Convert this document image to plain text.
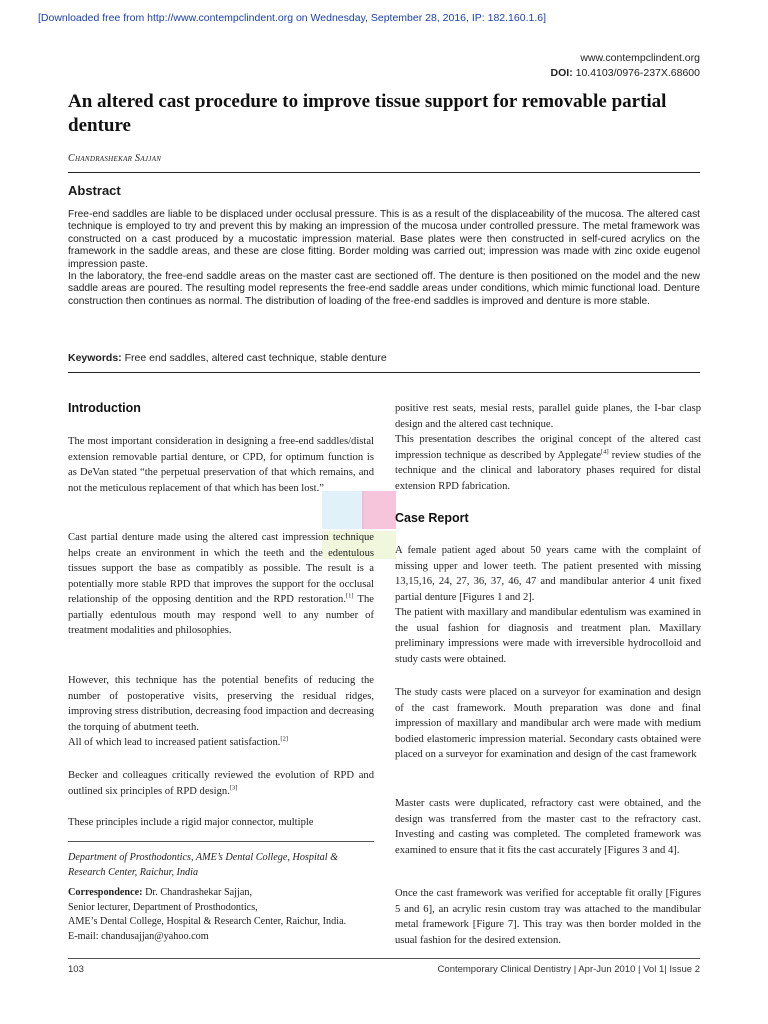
[Downloaded free from http://www.contempclindent.org on Wednesday, September 28, 2016, IP: 182.160.1.6]
www.contempclindent.org
DOI: 10.4103/0976-237X.68600
An altered cast procedure to improve tissue support for removable partial denture
Chandrashekar Sajjan
Abstract

Free-end saddles are liable to be displaced under occlusal pressure. This is as a result of the displaceability of the mucosa. The altered cast technique is employed to try and prevent this by making an impression of the mucosa under controlled pressure. The metal framework was constructed on a cast produced by a mucostatic impression material. Base plates were then constructed in self-cured acrylics on the framework in the saddle areas, and these are close fitting. Border molding was carried out; impression was made with zinc oxide eugenol impression paste.

In the laboratory, the free-end saddle areas on the master cast are sectioned off. The denture is then positioned on the model and the new saddle areas are poured. The resulting model represents the free-end saddle areas under conditions, which mimic functional load. Denture construction then continues as normal. The distribution of loading of the free-end saddles is improved and denture is more stable.

Keywords: Free end saddles, altered cast technique, stable denture
Introduction

The most important consideration in designing a free-end saddles/distal extension removable partial denture, or CPD, for optimum function is as DeVan stated “the perpetual preservation of that which remains, and not the meticulous replacement of that which has been lost.”

Cast partial denture made using the altered cast impression technique helps create an environment in which the teeth and the edentulous tissues support the base as compatibly as possible. The result is a potentially more stable RPD that improves the support for the occlusal relationship of the opposing dentition and the RPD restoration.[1] The partially edentulous mouth may respond well to any number of treatment modalities and philosophies.

However, this technique has the potential benefits of reducing the number of postoperative visits, preserving the residual ridges, improving stress distribution, decreasing food impaction and decreasing the torquing of abutment teeth.

All of which lead to increased patient satisfaction.[2]

Becker and colleagues critically reviewed the evolution of RPD and outlined six principles of RPD design.[3]

These principles include a rigid major connector, multiple

Department of Prosthodontics, AME’s Dental College, Hospital & Research Center, Raichur, India
Correspondence: Dr. Chandrashekar Sajjan,
Senior lecturer, Department of Prosthodontics,
AME’s Dental College, Hospital & Research Center, Raichur, India.
E-mail: chandusajjan@yahoo.com

positive rest seats, mesial rests, parallel guide planes, the I-bar clasp design and the altered cast technique.

This presentation describes the original concept of the altered cast impression technique as described by Applegate[4] review studies of the technique and the clinical and laboratory phases required for distal extension RPD fabrication.

Case Report

A female patient aged about 50 years came with the complaint of missing upper and lower teeth. The patient presented with missing 13,15,16, 24, 27, 36, 37, 46, 47 and mandibular anterior 4 unit fixed partial denture [Figures 1 and 2].

The patient with maxillary and mandibular edentulism was examined in the usual fashion for diagnosis and treatment plan. Maxillary preliminary impressions were made with irreversible hydrocolloid and study casts were obtained.

The study casts were placed on a surveyor for examination and design of the cast framework. Mouth preparation was done and final impression of maxillary and mandibular arch were made with medium bodied elastomeric impression material. Secondary casts obtained were placed on a surveyor for examination and design of the cast framework

Master casts were duplicated, refractory cast were obtained, and the design was transferred from the master cast to the refractory cast. Investing and casting was completed. The completed framework was examined to ensure that it fits the cast accurately [Figures 3 and 4].

Once the cast framework was verified for acceptable fit orally [Figures 5 and 6], an acrylic resin custom tray was attached to the mandibular metal framework [Figure 7]. This tray was then border molded in the usual fashion for the desired extension.

103	Contemporary Clinical Dentistry | Apr-Jun 2010 | Vol 1| Issue 2
